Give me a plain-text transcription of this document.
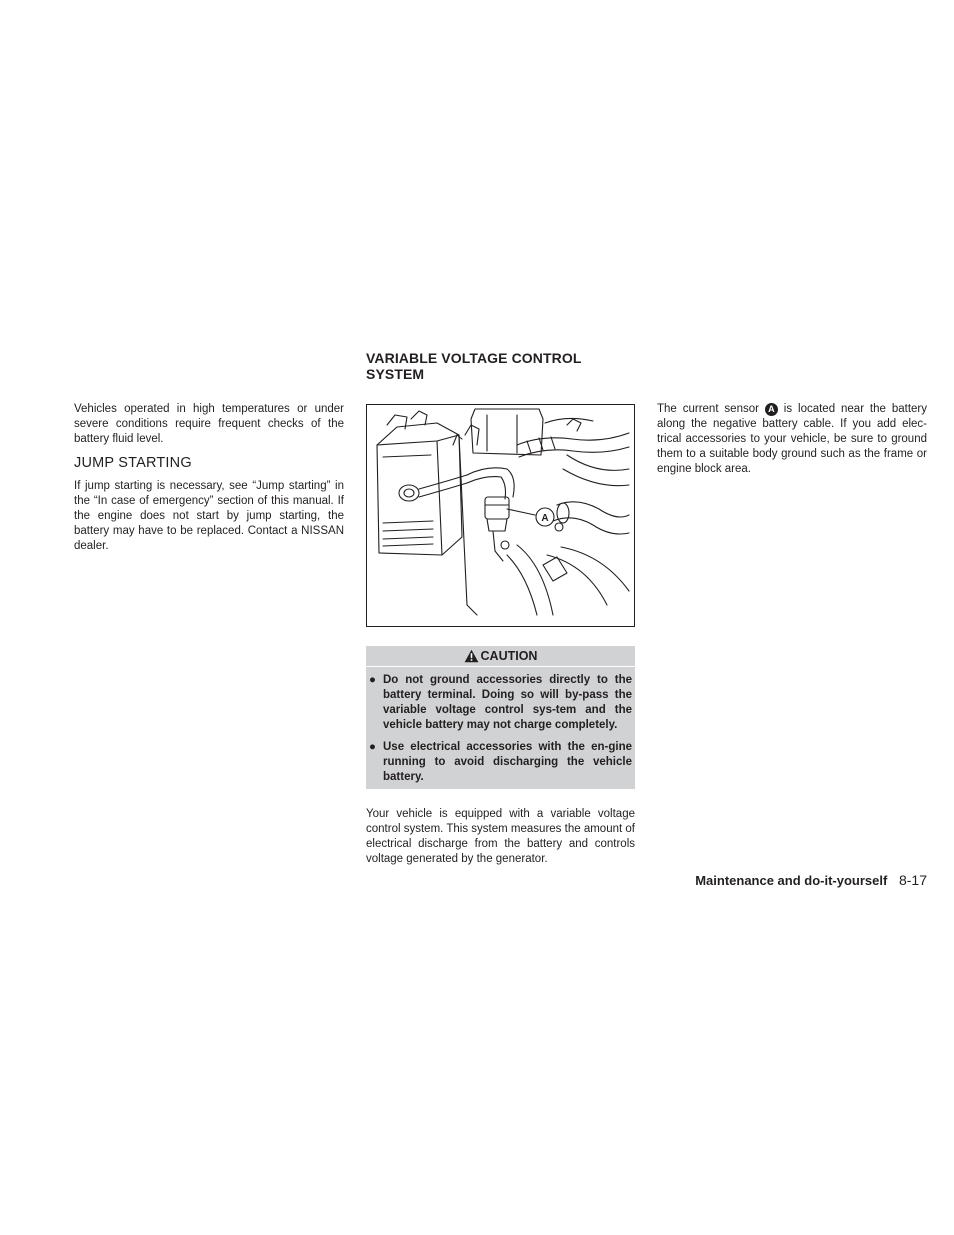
Vehicles operated in high temperatures or under severe conditions require frequent checks of the battery fluid level.

JUMP STARTING

If jump starting is necessary, see “Jump starting” in the “In case of emergency” section of this manual. If the engine does not start by jump starting, the battery may have to be replaced. Contact a NISSAN dealer.

VARIABLE VOLTAGE CONTROL
SYSTEM
A
CAUTION
● Do not ground accessories directly to the battery terminal. Doing so will by-pass the variable voltage control sys-tem and the vehicle battery may not charge completely.
● Use electrical accessories with the en-gine running to avoid discharging the vehicle battery.

Your vehicle is equipped with a variable voltage control system. This system measures the amount of electrical discharge from the battery and controls voltage generated by the generator.

The current sensor A is located near the battery along the negative battery cable. If you add elec-trical accessories to your vehicle, be sure to ground them to a suitable body ground such as the frame or engine block area.

Maintenance and do-it-yourself 8-17
